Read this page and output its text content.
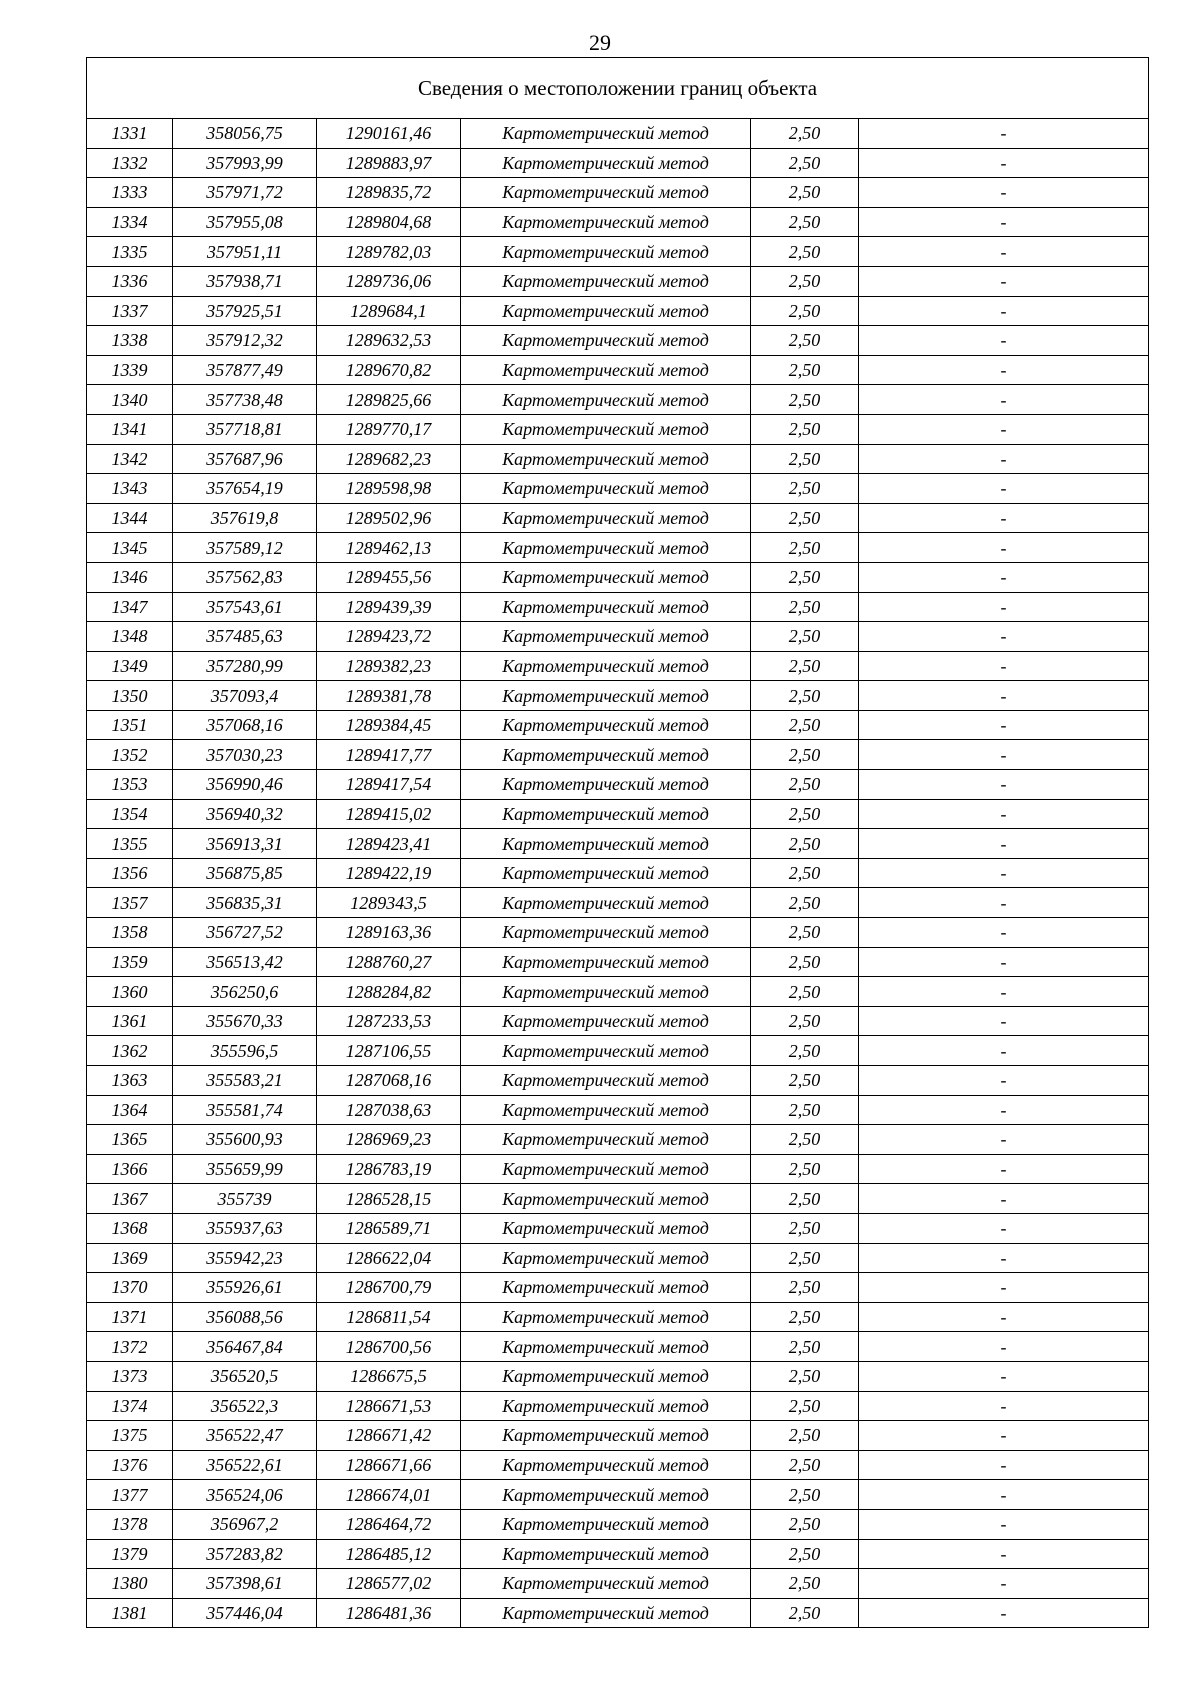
29
Сведения о местоположении границ объекта					
1331	358056,75	1290161,46	Картометрический метод	2,50	-
1332	357993,99	1289883,97	Картометрический метод	2,50	-
1333	357971,72	1289835,72	Картометрический метод	2,50	-
1334	357955,08	1289804,68	Картометрический метод	2,50	-
1335	357951,11	1289782,03	Картометрический метод	2,50	-
1336	357938,71	1289736,06	Картометрический метод	2,50	-
1337	357925,51	1289684,1	Картометрический метод	2,50	-
1338	357912,32	1289632,53	Картометрический метод	2,50	-
1339	357877,49	1289670,82	Картометрический метод	2,50	-
1340	357738,48	1289825,66	Картометрический метод	2,50	-
1341	357718,81	1289770,17	Картометрический метод	2,50	-
1342	357687,96	1289682,23	Картометрический метод	2,50	-
1343	357654,19	1289598,98	Картометрический метод	2,50	-
1344	357619,8	1289502,96	Картометрический метод	2,50	-
1345	357589,12	1289462,13	Картометрический метод	2,50	-
1346	357562,83	1289455,56	Картометрический метод	2,50	-
1347	357543,61	1289439,39	Картометрический метод	2,50	-
1348	357485,63	1289423,72	Картометрический метод	2,50	-
1349	357280,99	1289382,23	Картометрический метод	2,50	-
1350	357093,4	1289381,78	Картометрический метод	2,50	-
1351	357068,16	1289384,45	Картометрический метод	2,50	-
1352	357030,23	1289417,77	Картометрический метод	2,50	-
1353	356990,46	1289417,54	Картометрический метод	2,50	-
1354	356940,32	1289415,02	Картометрический метод	2,50	-
1355	356913,31	1289423,41	Картометрический метод	2,50	-
1356	356875,85	1289422,19	Картометрический метод	2,50	-
1357	356835,31	1289343,5	Картометрический метод	2,50	-
1358	356727,52	1289163,36	Картометрический метод	2,50	-
1359	356513,42	1288760,27	Картометрический метод	2,50	-
1360	356250,6	1288284,82	Картометрический метод	2,50	-
1361	355670,33	1287233,53	Картометрический метод	2,50	-
1362	355596,5	1287106,55	Картометрический метод	2,50	-
1363	355583,21	1287068,16	Картометрический метод	2,50	-
1364	355581,74	1287038,63	Картометрический метод	2,50	-
1365	355600,93	1286969,23	Картометрический метод	2,50	-
1366	355659,99	1286783,19	Картометрический метод	2,50	-
1367	355739	1286528,15	Картометрический метод	2,50	-
1368	355937,63	1286589,71	Картометрический метод	2,50	-
1369	355942,23	1286622,04	Картометрический метод	2,50	-
1370	355926,61	1286700,79	Картометрический метод	2,50	-
1371	356088,56	1286811,54	Картометрический метод	2,50	-
1372	356467,84	1286700,56	Картометрический метод	2,50	-
1373	356520,5	1286675,5	Картометрический метод	2,50	-
1374	356522,3	1286671,53	Картометрический метод	2,50	-
1375	356522,47	1286671,42	Картометрический метод	2,50	-
1376	356522,61	1286671,66	Картометрический метод	2,50	-
1377	356524,06	1286674,01	Картометрический метод	2,50	-
1378	356967,2	1286464,72	Картометрический метод	2,50	-
1379	357283,82	1286485,12	Картометрический метод	2,50	-
1380	357398,61	1286577,02	Картометрический метод	2,50	-
1381	357446,04	1286481,36	Картометрический метод	2,50	-
